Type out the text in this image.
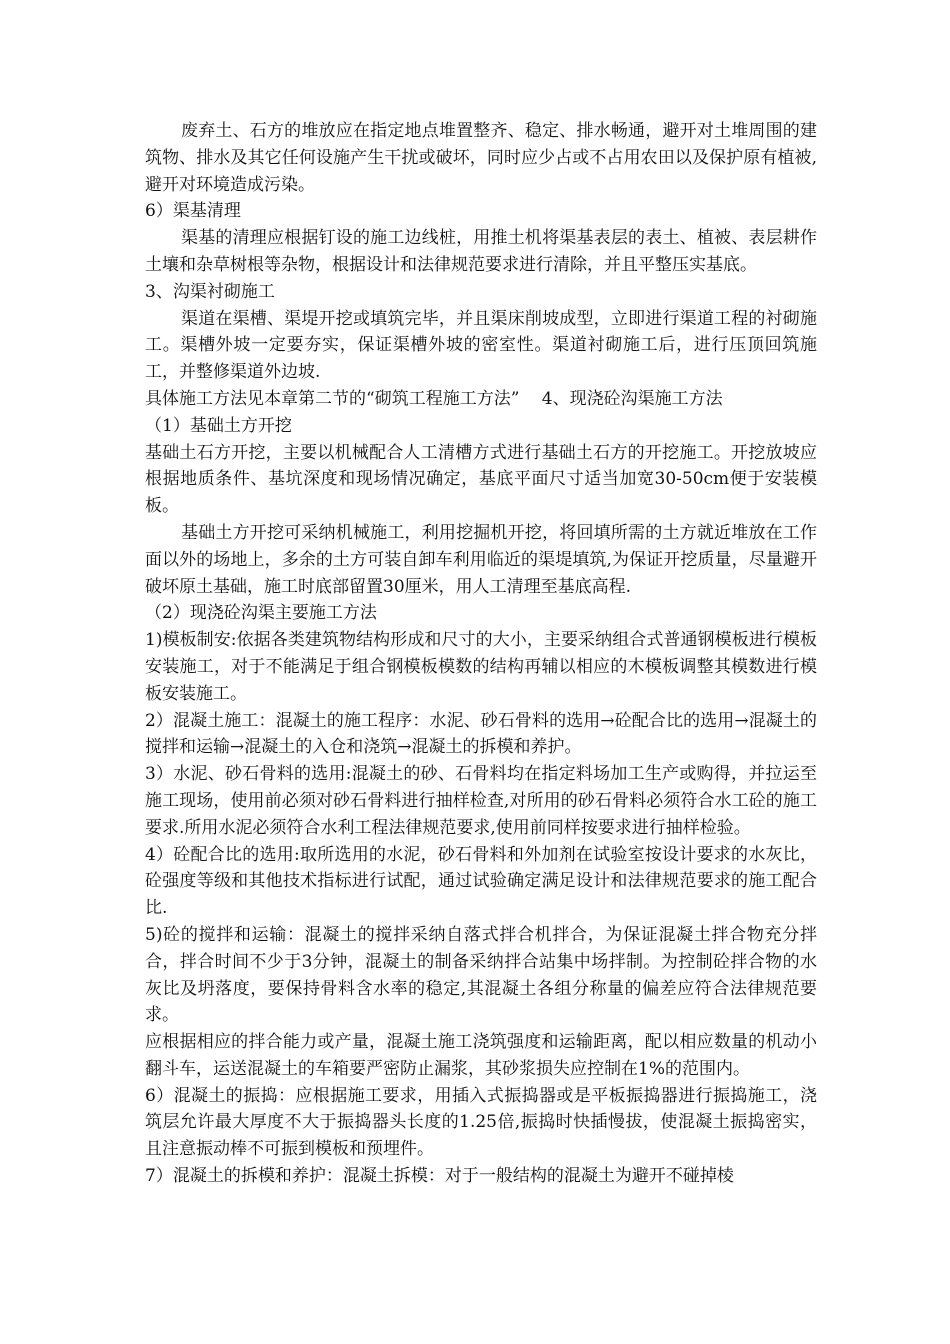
废弃土、石方的堆放应在指定地点堆置整齐、稳定、排水畅通，避开对土堆周围的建筑物、排水及其它任何设施产生干扰或破坏，同时应少占或不占用农田以及保护原有植被,避开对环境造成污染。

6）渠基清理

渠基的清理应根据钉设的施工边线桩，用推土机将渠基表层的表土、植被、表层耕作土壤和杂草树根等杂物，根据设计和法律规范要求进行清除，并且平整压实基底。

3、沟渠衬砌施工

渠道在渠槽、渠堤开挖或填筑完毕，并且渠床削坡成型，立即进行渠道工程的衬砌施工。渠槽外坡一定要夯实，保证渠槽外坡的密室性。渠道衬砌施工后，进行压顶回筑施工，并整修渠道外边坡.

具体施工方法见本章第二节的“砌筑工程施工方法”　 4、现浇砼沟渠施工方法

（1）基础土方开挖

基础土石方开挖，主要以机械配合人工清槽方式进行基础土石方的开挖施工。开挖放坡应根据地质条件、基坑深度和现场情况确定，基底平面尺寸适当加宽30-50cm便于安装模板。

基础土方开挖可采纳机械施工，利用挖掘机开挖，将回填所需的土方就近堆放在工作面以外的场地上，多余的土方可装自卸车利用临近的渠堤填筑,为保证开挖质量，尽量避开破坏原土基础，施工时底部留置30厘米，用人工清理至基底高程.

（2）现浇砼沟渠主要施工方法

1)模板制安:依据各类建筑物结构形成和尺寸的大小，主要采纳组合式普通钢模板进行模板安装施工，对于不能满足于组合钢模板模数的结构再辅以相应的木模板调整其模数进行模板安装施工。

2）混凝土施工：混凝土的施工程序：水泥、砂石骨料的选用→砼配合比的选用→混凝土的搅拌和运输→混凝土的入仓和浇筑→混凝土的拆模和养护。

3）水泥、砂石骨料的选用:混凝土的砂、石骨料均在指定料场加工生产或购得，并拉运至施工现场，使用前必须对砂石骨料进行抽样检查,对所用的砂石骨料必须符合水工砼的施工要求.所用水泥必须符合水利工程法律规范要求,使用前同样按要求进行抽样检验。

4）砼配合比的选用:取所选用的水泥，砂石骨料和外加剂在试验室按设计要求的水灰比，砼强度等级和其他技术指标进行试配，通过试验确定满足设计和法律规范要求的施工配合比.

5)砼的搅拌和运输：混凝土的搅拌采纳自落式拌合机拌合，为保证混凝土拌合物充分拌合，拌合时间不少于3分钟，混凝土的制备采纳拌合站集中场拌制。为控制砼拌合物的水灰比及坍落度，要保持骨料含水率的稳定,其混凝土各组分称量的偏差应符合法律规范要求。

应根据相应的拌合能力或产量，混凝土施工浇筑强度和运输距离，配以相应数量的机动小翻斗车，运送混凝土的车箱要严密防止漏浆，其砂浆损失应控制在1%的范围内。

6）混凝土的振捣：应根据施工要求，用插入式振捣器或是平板振捣器进行振捣施工，浇筑层允许最大厚度不大于振捣器头长度的1.25倍,振捣时快插慢拔，使混凝土振捣密实，且注意振动棒不可振到模板和预埋件。

7）混凝土的拆模和养护：混凝土拆模：对于一般结构的混凝土为避开不碰掉棱
